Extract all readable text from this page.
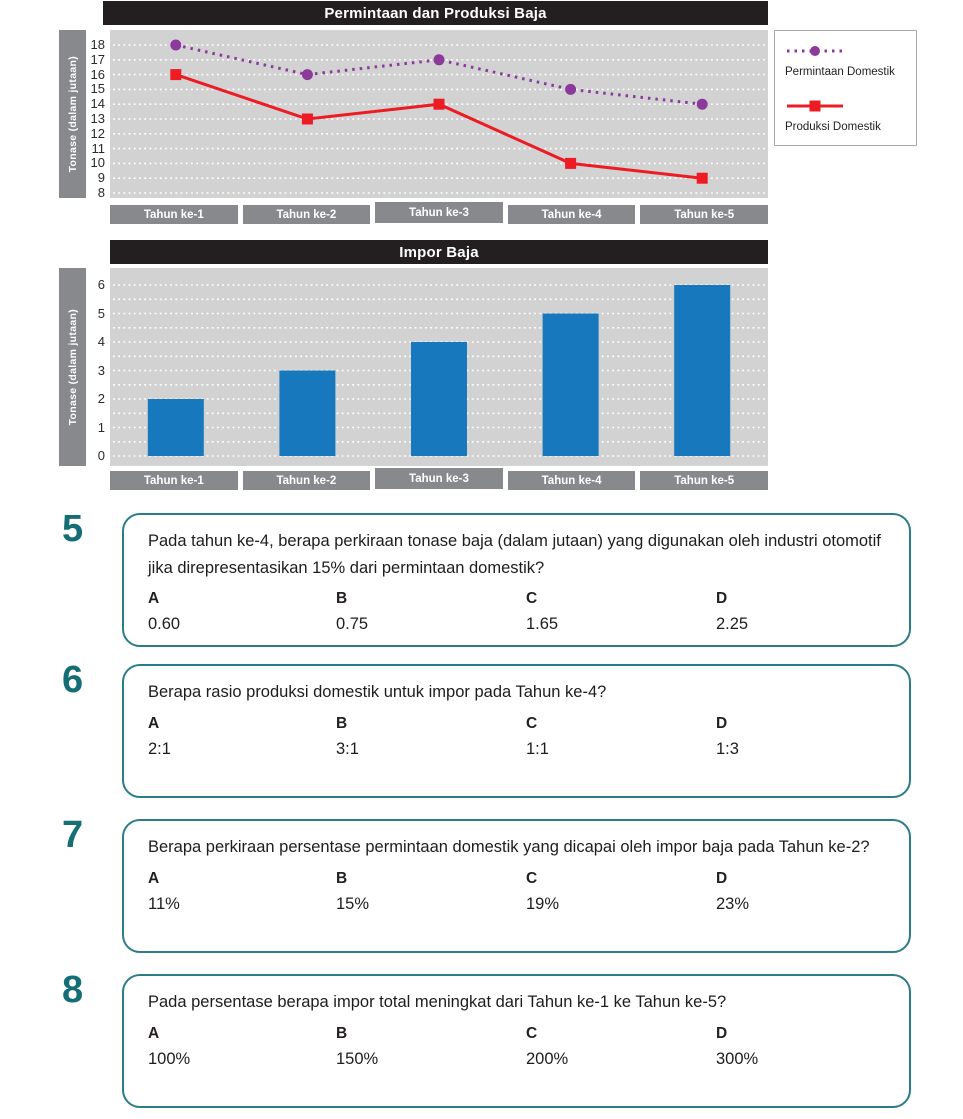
Permintaan dan Produksi Baja
Tonase (dalam jutaan)
18
17
16
15
14
13
12
11
10
9
8
Tahun ke-1	Tahun ke-2	Tahun ke-3	Tahun ke-4	Tahun ke-5
Permintaan Domestik
Produksi Domestik
Impor Baja
Tonase (dalam jutaan)
6
5
4
3
2
1
0
Tahun ke-1	Tahun ke-2	Tahun ke-3	Tahun ke-4	Tahun ke-5
5	Pada tahun ke-4, berapa perkiraan tonase baja (dalam jutaan) yang digunakan oleh industri otomotif jika direpresentasikan 15% dari permintaan domestik?
A
0.60
B
0.75
C
1.65
D
2.25
6	Berapa rasio produksi domestik untuk impor pada Tahun ke-4?
A
2:1
B
3:1
C
1:1
D
1:3
7	Berapa perkiraan persentase permintaan domestik yang dicapai oleh impor baja pada Tahun ke-2?
A
11%
B
15%
C
19%
D
23%
8	Pada persentase berapa impor total meningkat dari Tahun ke-1 ke Tahun ke-5?
A
100%
B
150%
C
200%
D
300%
